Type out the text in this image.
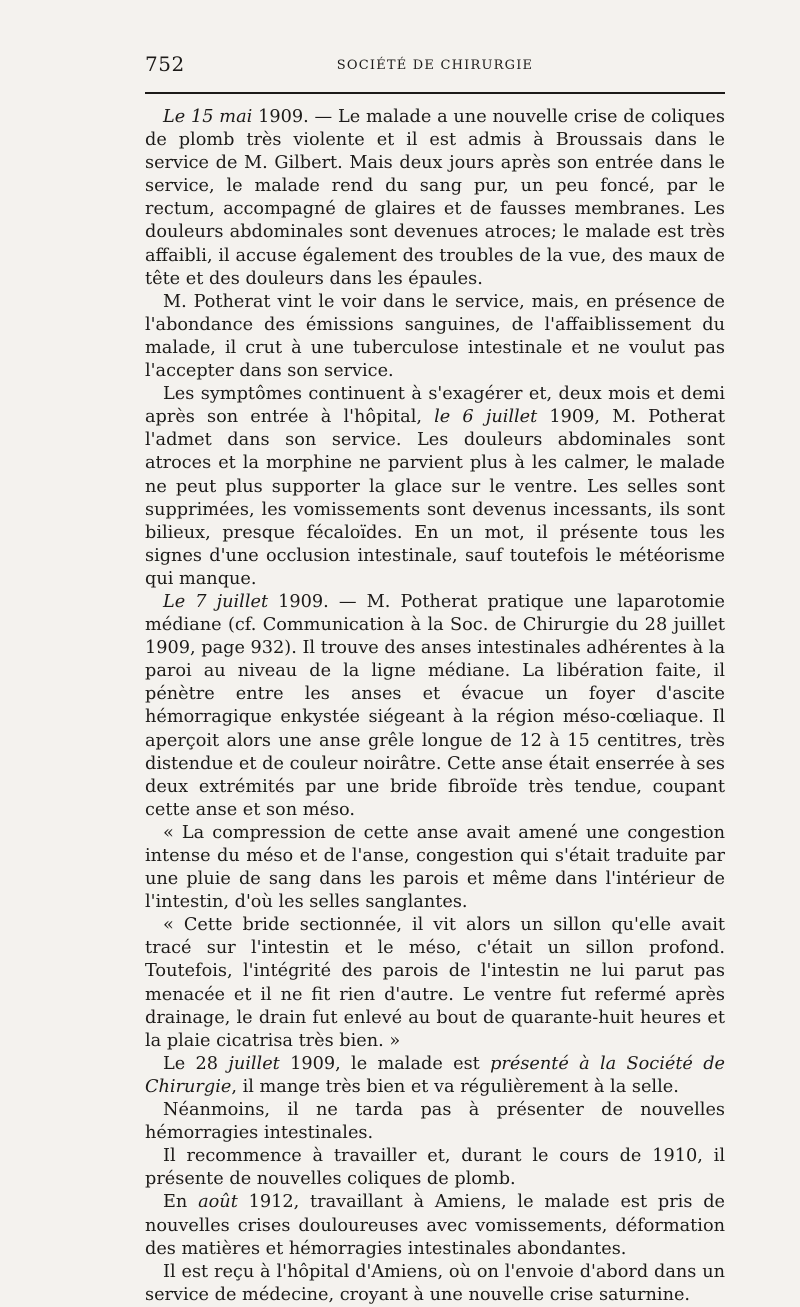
752	SOCIÉTÉ DE CHIRURGIE

Le 15 mai 1909. — Le malade a une nouvelle crise de coliques de plomb très violente et il est admis à Broussais dans le service de M. Gilbert. Mais deux jours après son entrée dans le service, le malade rend du sang pur, un peu foncé, par le rectum, accompagné de glaires et de fausses membranes. Les douleurs abdominales sont devenues atroces; le malade est très affaibli, il accuse également des troubles de la vue, des maux de tête et des douleurs dans les épaules.

M. Potherat vint le voir dans le service, mais, en présence de l'abondance des émissions sanguines, de l'affaiblissement du malade, il crut à une tuberculose intestinale et ne voulut pas l'accepter dans son service.

Les symptômes continuent à s'exagérer et, deux mois et demi après son entrée à l'hôpital, le 6 juillet 1909, M. Potherat l'admet dans son service. Les douleurs abdominales sont atroces et la morphine ne parvient plus à les calmer, le malade ne peut plus supporter la glace sur le ventre. Les selles sont supprimées, les vomissements sont devenus incessants, ils sont bilieux, presque fécaloïdes. En un mot, il présente tous les signes d'une occlusion intestinale, sauf toutefois le météorisme qui manque.

Le 7 juillet 1909. — M. Potherat pratique une laparotomie médiane (cf. Communication à la Soc. de Chirurgie du 28 juillet 1909, page 932). Il trouve des anses intestinales adhérentes à la paroi au niveau de la ligne médiane. La libération faite, il pénètre entre les anses et évacue un foyer d'ascite hémorragique enkystée siégeant à la région méso-cœliaque. Il aperçoit alors une anse grêle longue de 12 à 15 centitres, très distendue et de couleur noirâtre. Cette anse était enserrée à ses deux extrémités par une bride fibroïde très tendue, coupant cette anse et son méso.

« La compression de cette anse avait amené une congestion intense du méso et de l'anse, congestion qui s'était traduite par une pluie de sang dans les parois et même dans l'intérieur de l'intestin, d'où les selles sanglantes.

« Cette bride sectionnée, il vit alors un sillon qu'elle avait tracé sur l'intestin et le méso, c'était un sillon profond. Toutefois, l'intégrité des parois de l'intestin ne lui parut pas menacée et il ne fit rien d'autre. Le ventre fut refermé après drainage, le drain fut enlevé au bout de quarante-huit heures et la plaie cicatrisa très bien. »

Le 28 juillet 1909, le malade est présenté à la Société de Chirurgie, il mange très bien et va régulièrement à la selle.

Néanmoins, il ne tarda pas à présenter de nouvelles hémorragies intestinales.

Il recommence à travailler et, durant le cours de 1910, il présente de nouvelles coliques de plomb.

En août 1912, travaillant à Amiens, le malade est pris de nouvelles crises douloureuses avec vomissements, déformation des matières et hémorragies intestinales abondantes.

Il est reçu à l'hôpital d'Amiens, où on l'envoie d'abord dans un service de médecine, croyant à une nouvelle crise saturnine.
